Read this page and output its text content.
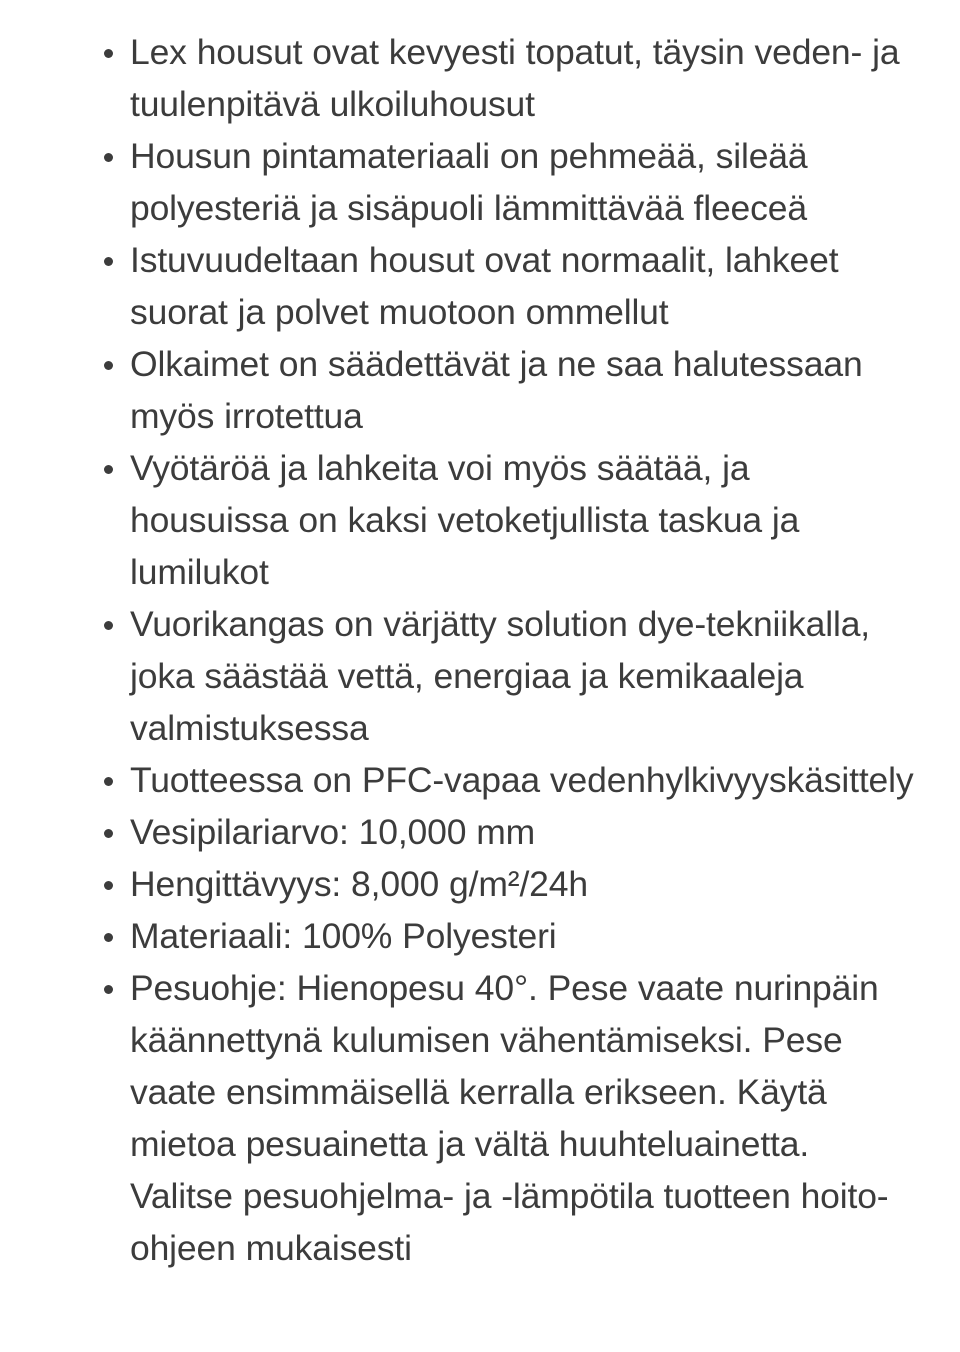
Lex housut ovat kevyesti topatut, täysin veden- ja tuulenpitävä ulkoiluhousut
Housun pintamateriaali on pehmeää, sileää polyesteriä ja sisäpuoli lämmittävää fleeceä
Istuvuudeltaan housut ovat normaalit, lahkeet suorat ja polvet muotoon ommellut
Olkaimet on säädettävät ja ne saa halutessaan myös irrotettua
Vyötäröä ja lahkeita voi myös säätää, ja housuissa on kaksi vetoketjullista taskua ja lumilukot
Vuorikangas on värjätty solution dye-tekniikalla, joka säästää vettä, energiaa ja kemikaaleja valmistuksessa
Tuotteessa on PFC-vapaa vedenhylkivyyskäsittely
Vesipilariarvo: 10,000 mm
Hengittävyys: 8,000 g/m²/24h
Materiaali: 100% Polyesteri
Pesuohje: Hienopesu 40°. Pese vaate nurinpäin käännettynä kulumisen vähentämiseksi. Pese vaate ensimmäisellä kerralla erikseen. Käytä mietoa pesuainetta ja vältä huuhteluainetta. Valitse pesuohjelma- ja -lämpötila tuotteen hoito-ohjeen mukaisesti
